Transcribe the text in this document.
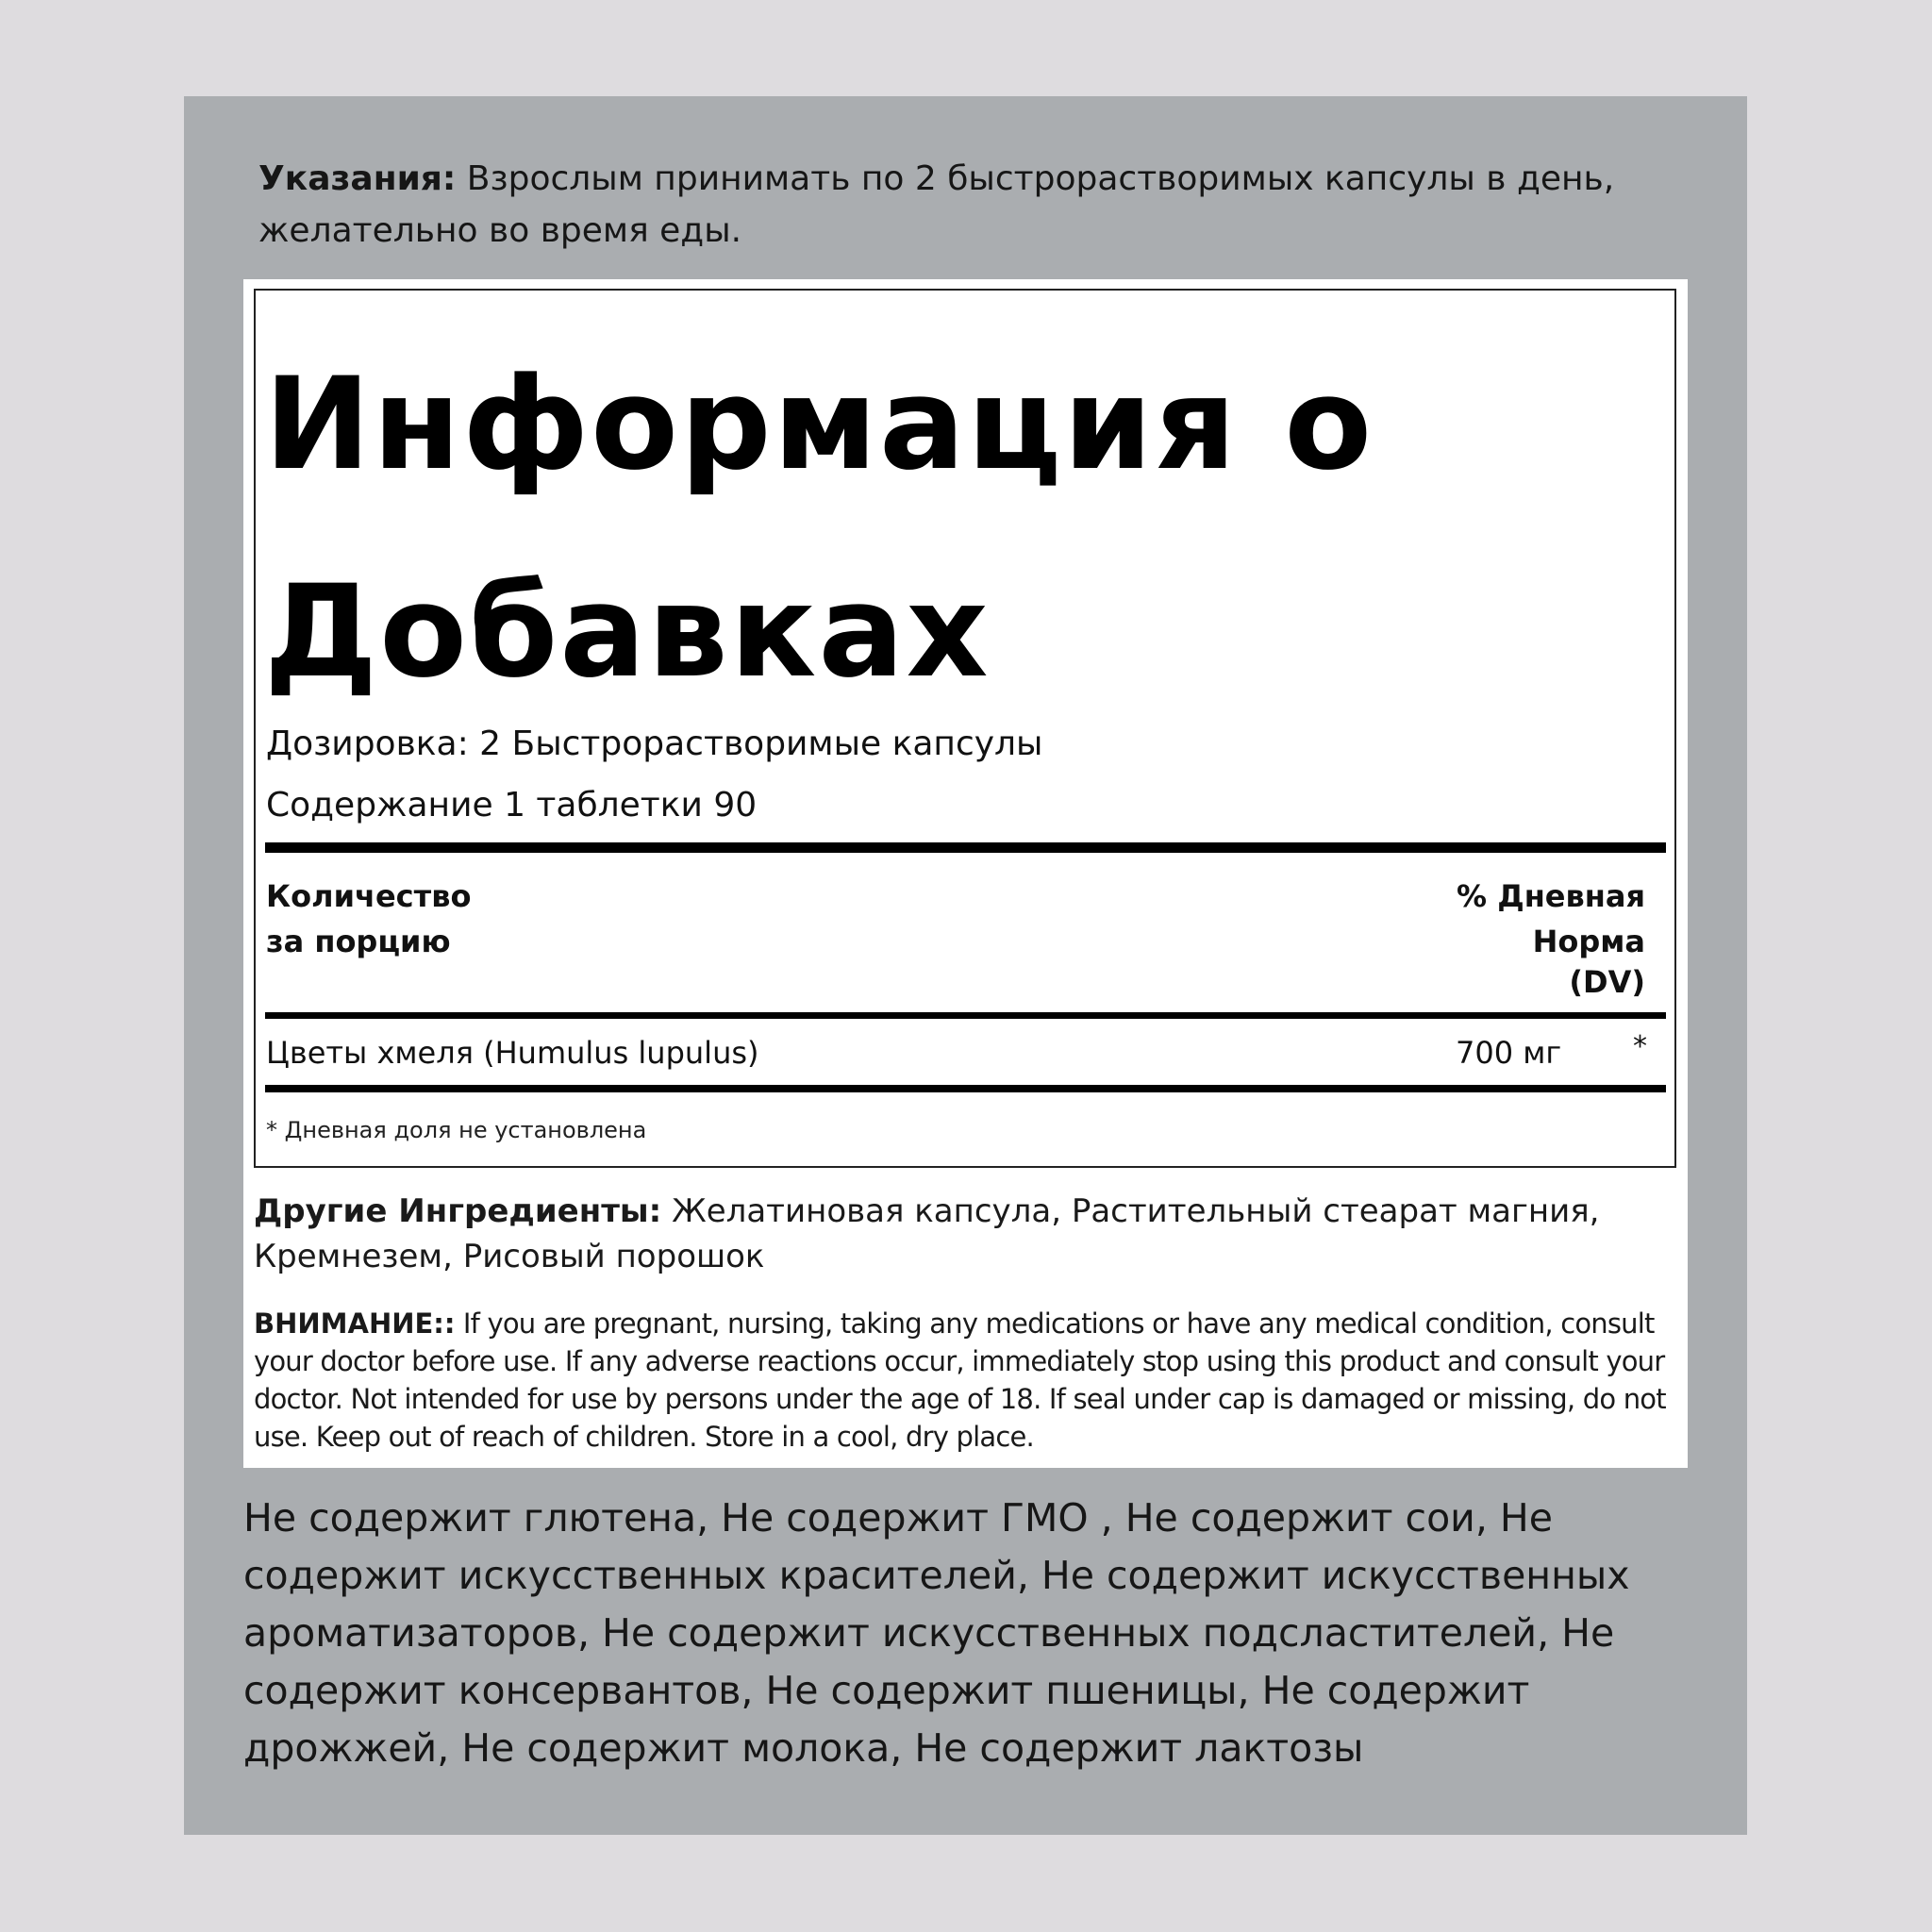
Указания: Взрослым принимать по 2 быстрорастворимых капсулы в день, желательно во время еды.
Информация о Добавках
Дозировка: 2 Быстрорастворимые капсулы
Содержание 1 таблетки 90
Количество за порцию
% Дневная Норма
(DV)
Цветы хмеля (Humulus lupulus)	700 мг	*
* Дневная доля не установлена
Другие Ингредиенты: Желатиновая капсула, Растительный стеарат магния, Кремнезем, Рисовый порошок
ВНИМАНИЕ:: If you are pregnant, nursing, taking any medications or have any medical condition, consult your doctor before use. If any adverse reactions occur, immediately stop using this product and consult your doctor. Not intended for use by persons under the age of 18. If seal under cap is damaged or missing, do not use. Keep out of reach of children. Store in a cool, dry place.
Не содержит глютена, Не содержит ГМО , Не содержит сои, Не содержит искусственных красителей, Не содержит искусственных ароматизаторов, Не содержит искусственных подсластителей, Не содержит консервантов, Не содержит пшеницы, Не содержит дрожжей, Не содержит молока, Не содержит лактозы
